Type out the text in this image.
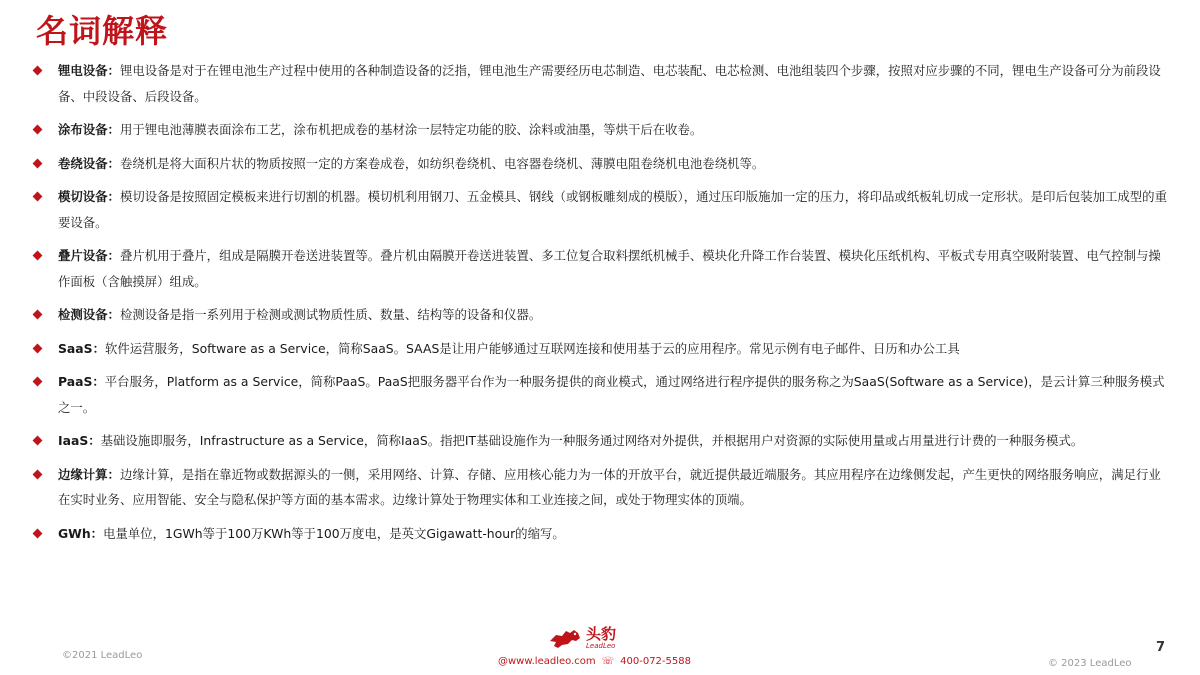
名词解释
锂电设备：锂电设备是对于在锂电池生产过程中使用的各种制造设备的泛指，锂电池生产需要经历电芯制造、电芯装配、电芯检测、电池组装四个步骤，按照对应步骤的不同，锂电生产设备可分为前段设备、中段设备、后段设备。
涂布设备：用于锂电池薄膜表面涂布工艺，涂布机把成卷的基材涂一层特定功能的胶、涂料或油墨，等烘干后在收卷。
卷绕设备：卷绕机是将大面积片状的物质按照一定的方案卷成卷，如纺织卷绕机、电容器卷绕机、薄膜电阻卷绕机电池卷绕机等。
模切设备：模切设备是按照固定模板来进行切割的机器。模切机利用钢刀、五金模具、钢线（或钢板雕刻成的模版），通过压印版施加一定的压力，将印品或纸板轧切成一定形状。是印后包装加工成型的重要设备。
叠片设备：叠片机用于叠片，组成是隔膜开卷送进装置等。叠片机由隔膜开卷送进装置、多工位复合取料摆纸机械手、模块化升降工作台装置、模块化压纸机构、平板式专用真空吸附装置、电气控制与操作面板（含触摸屏）组成。
检测设备：检测设备是指一系列用于检测或测试物质性质、数量、结构等的设备和仪器。
SaaS：软件运营服务，Software as a Service，简称SaaS。SAAS是让用户能够通过互联网连接和使用基于云的应用程序。常见示例有电子邮件、日历和办公工具
PaaS：平台服务，Platform as a Service，简称PaaS。PaaS把服务器平台作为一种服务提供的商业模式，通过网络进行程序提供的服务称之为SaaS(Software as a Service)，是云计算三种服务模式之一。
IaaS：基础设施即服务，Infrastructure as a Service，简称IaaS。指把IT基础设施作为一种服务通过网络对外提供，并根据用户对资源的实际使用量或占用量进行计费的一种服务模式。
边缘计算：边缘计算，是指在靠近物或数据源头的一侧，采用网络、计算、存储、应用核心能力为一体的开放平台，就近提供最近端服务。其应用程序在边缘侧发起，产生更快的网络服务响应，满足行业在实时业务、应用智能、安全与隐私保护等方面的基本需求。边缘计算处于物理实体和工业连接之间，或处于物理实体的顶端。
GWh：电量单位，1GWh等于100万KWh等于100万度电，是英文Gigawatt-hour的缩写。
©2021 LeadLeo
头豹
LeadLeo
@www.leadleo.com ☏ 400-072-5588
7
© 2023 LeadLeo
